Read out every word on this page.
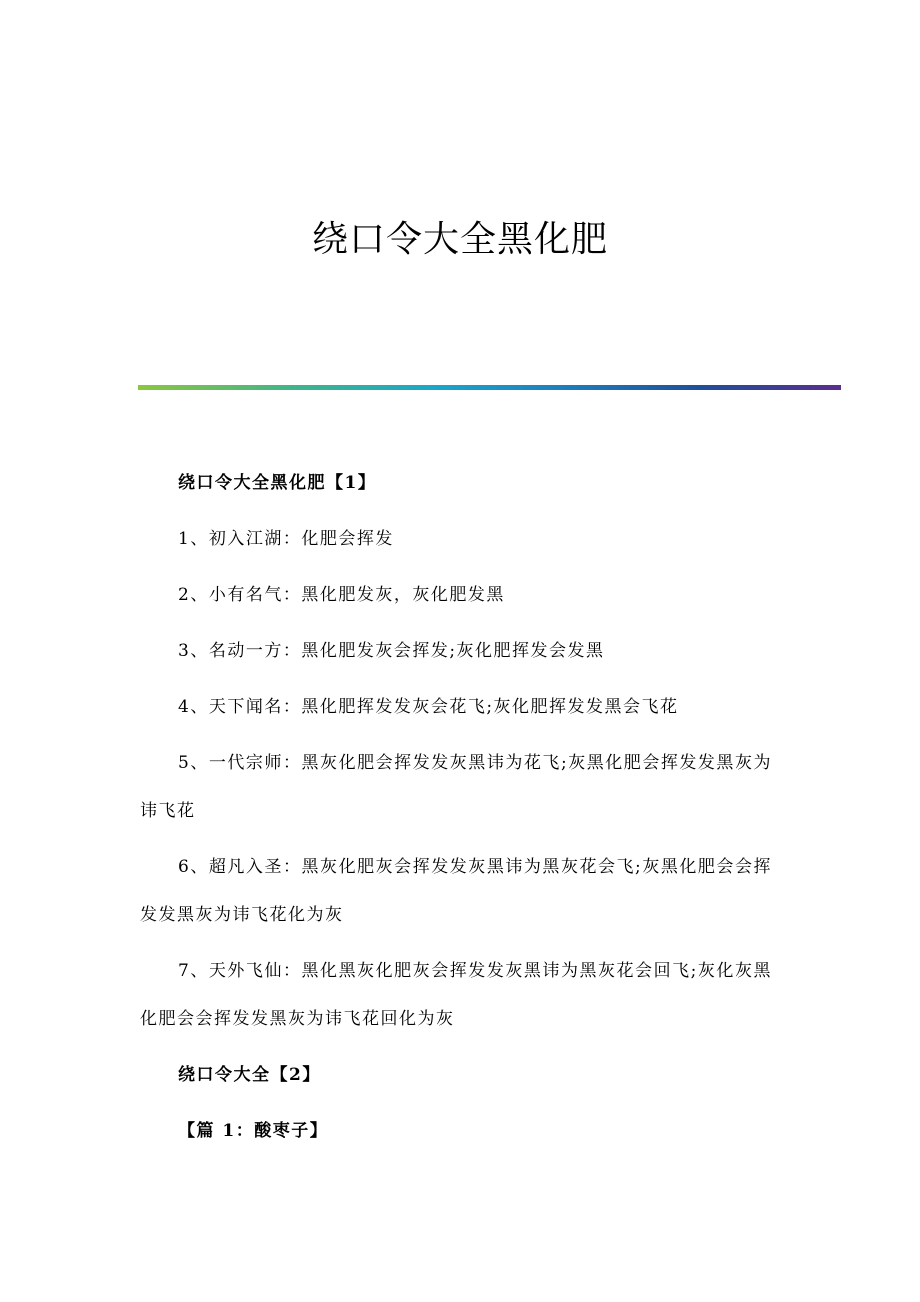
绕口令大全黑化肥

绕口令大全黑化肥【1】

1、初入江湖：化肥会挥发

2、小有名气：黑化肥发灰，灰化肥发黑

3、名动一方：黑化肥发灰会挥发;灰化肥挥发会发黑

4、天下闻名：黑化肥挥发发灰会花飞;灰化肥挥发发黑会飞花

5、一代宗师：黑灰化肥会挥发发灰黑讳为花飞;灰黑化肥会挥发发黑灰为讳飞花

6、超凡入圣：黑灰化肥灰会挥发发灰黑讳为黑灰花会飞;灰黑化肥会会挥发发黑灰为讳飞花化为灰

7、天外飞仙：黑化黑灰化肥灰会挥发发灰黑讳为黑灰花会回飞;灰化灰黑化肥会会挥发发黑灰为讳飞花回化为灰

绕口令大全【2】

【篇 1：酸枣子】
